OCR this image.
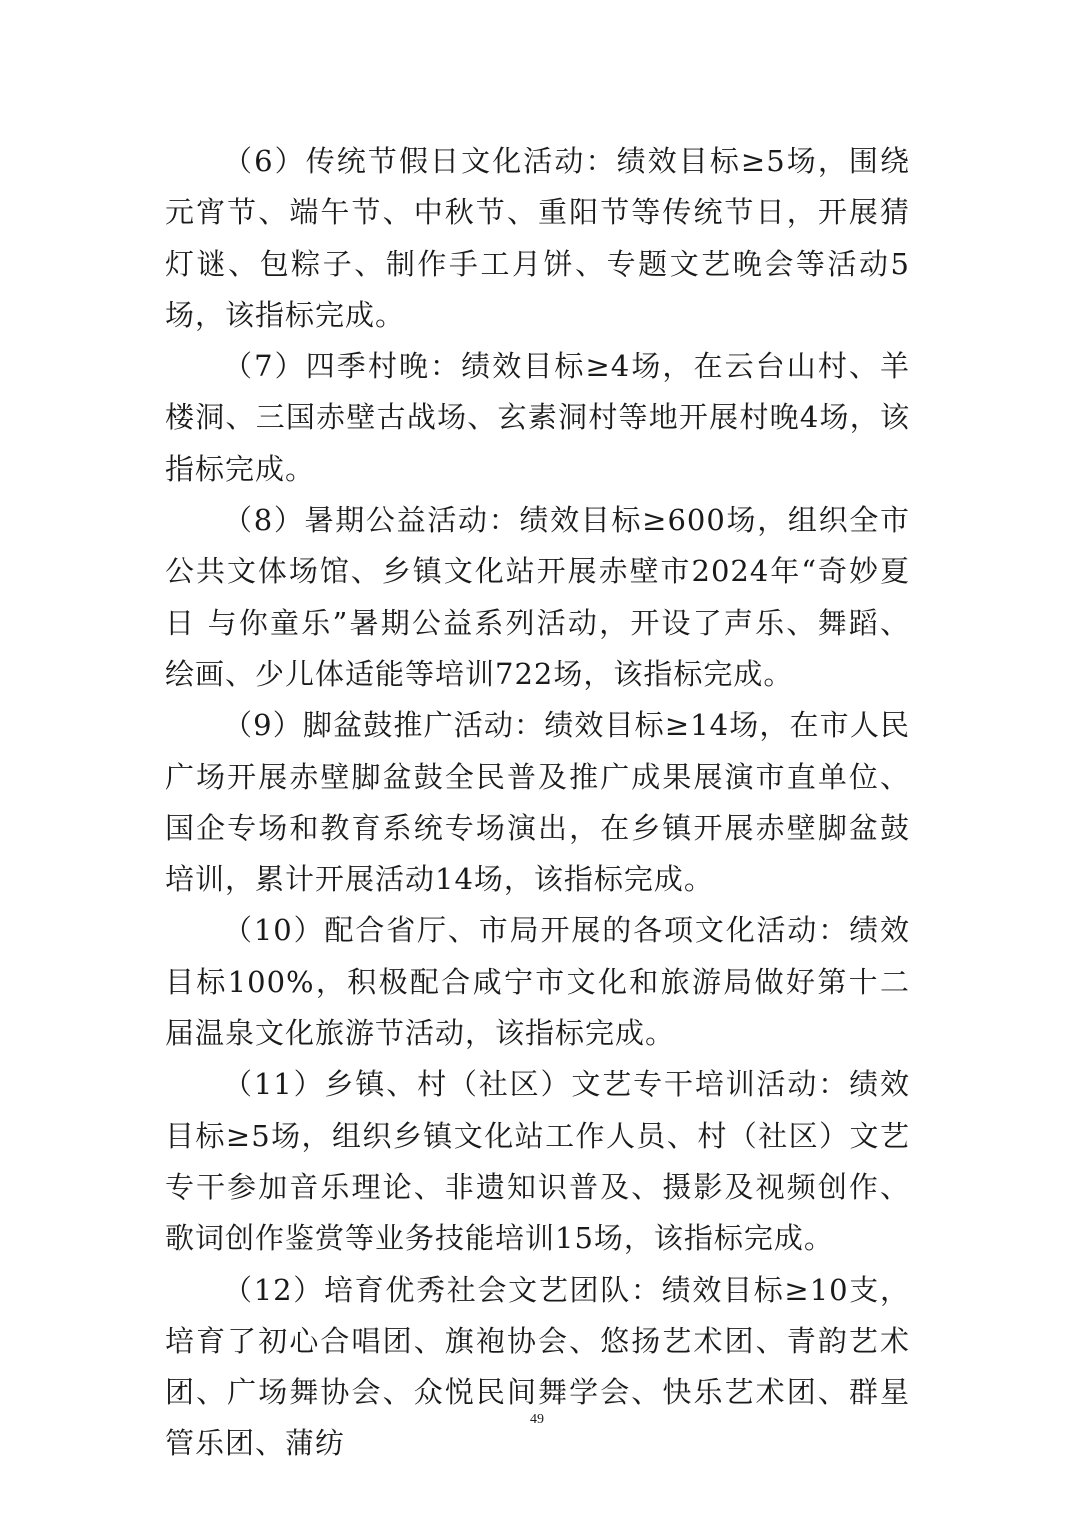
（6）传统节假日文化活动：绩效目标≥5场，围绕元宵节、端午节、中秋节、重阳节等传统节日，开展猜灯谜、包粽子、制作手工月饼、专题文艺晚会等活动5场，该指标完成。

（7）四季村晚：绩效目标≥4场，在云台山村、羊楼洞、三国赤壁古战场、玄素洞村等地开展村晚4场，该指标完成。

（8）暑期公益活动：绩效目标≥600场，组织全市公共文体场馆、乡镇文化站开展赤壁市2024年“奇妙夏日 与你童乐”暑期公益系列活动，开设了声乐、舞蹈、绘画、少儿体适能等培训722场，该指标完成。

（9）脚盆鼓推广活动：绩效目标≥14场，在市人民广场开展赤壁脚盆鼓全民普及推广成果展演市直单位、国企专场和教育系统专场演出，在乡镇开展赤壁脚盆鼓培训，累计开展活动14场，该指标完成。

（10）配合省厅、市局开展的各项文化活动：绩效目标100%，积极配合咸宁市文化和旅游局做好第十二届温泉文化旅游节活动，该指标完成。

（11）乡镇、村（社区）文艺专干培训活动：绩效目标≥5场，组织乡镇文化站工作人员、村（社区）文艺专干参加音乐理论、非遗知识普及、摄影及视频创作、歌词创作鉴赏等业务技能培训15场，该指标完成。

（12）培育优秀社会文艺团队：绩效目标≥10支，培育了初心合唱团、旗袍协会、悠扬艺术团、青韵艺术团、广场舞协会、众悦民间舞学会、快乐艺术团、群星管乐团、蒲纺

49
